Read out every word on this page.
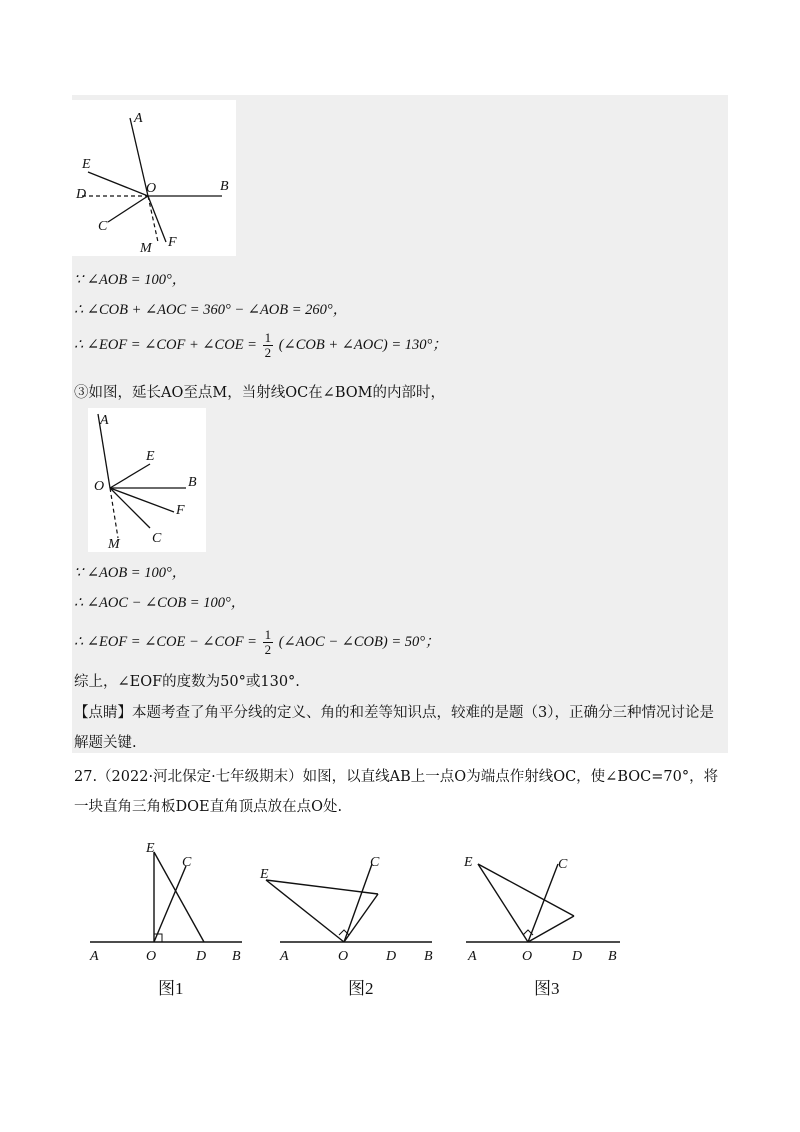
A
B
D
E
O
C
M F
∵ ∠AOB = 100°，
∴ ∠COB + ∠AOC = 360° − ∠AOB = 260°，
∴ ∠EOF = ∠COF + ∠COE = $\frac{1}{2}$ (∠COB + ∠AOC) = 130°；
③如图，延长AO至点M，当射线OC在∠BOM的内部时，
A
E
O	B
F
C
M
∵ ∠AOB = 100°，
∴ ∠AOC − ∠COB = 100°，
∴ ∠EOF = ∠COE − ∠COF = $\frac{1}{2}$ (∠AOC − ∠COB) = 50°；
综上，∠EOF的度数为50°或130°.
【点睛】本题考查了角平分线的定义、角的和差等知识点，较难的是题（3），正确分三种情况讨论是解题关键.
27.（2022·河北保定·七年级期末）如图，以直线AB上一点O为端点作射线OC，使∠BOC=70°，将一块直角三角板DOE直角顶点放在点O处.
E
C
A	O	D B
图1
E
C
A	O	D B
图2
E	C
A	O	D B
图3
